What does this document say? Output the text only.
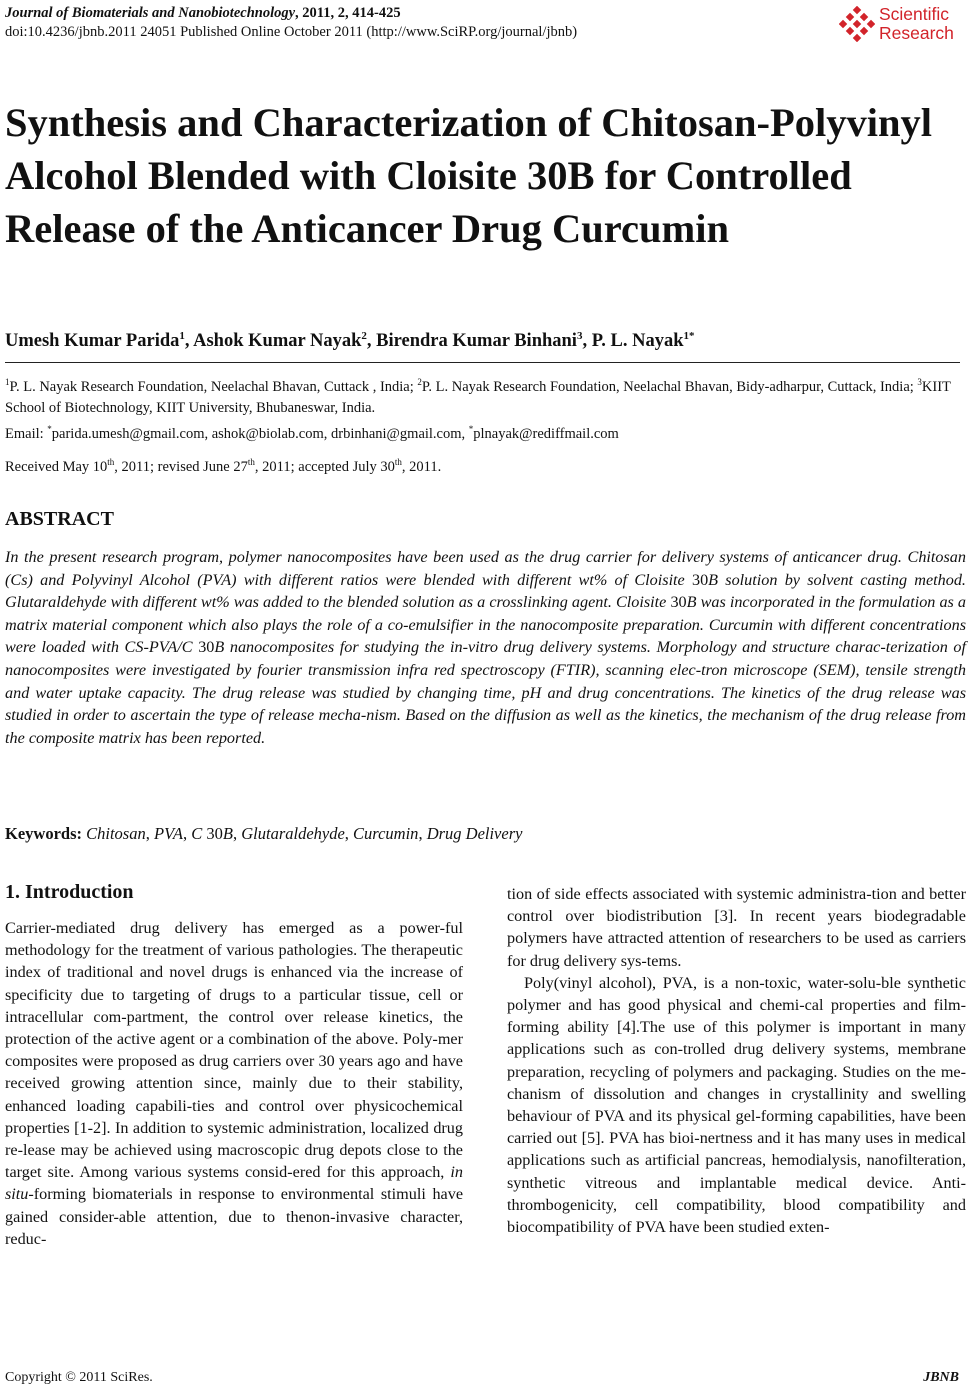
Journal of Biomaterials and Nanobiotechnology, 2011, 2, 414-425
doi:10.4236/jbnb.2011 24051 Published Online October 2011 (http://www.SciRP.org/journal/jbnb)
Scientific
Research
Synthesis and Characterization of Chitosan-Polyvinyl Alcohol Blended with Cloisite 30B for Controlled Release of the Anticancer Drug Curcumin
Umesh Kumar Parida$^1$, Ashok Kumar Nayak$^2$, Birendra Kumar Binhani$^3$, P. L. Nayak$^{1*}$
$^1$P. L. Nayak Research Foundation, Neelachal Bhavan, Cuttack , India; $^2$P. L. Nayak Research Foundation, Neelachal Bhavan, Bidy-adharpur, Cuttack, India; $^3$KIIT School of Biotechnology, KIIT University, Bhubaneswar, India.
Email: *parida.umesh@gmail.com, ashok@biolab.com, drbinhani@gmail.com, *plnayak@rediffmail.com
Received May 10th, 2011; revised June 27th, 2011; accepted July 30th, 2011.
ABSTRACT

In the present research program, polymer nanocomposites have been used as the drug carrier for delivery systems of anticancer drug. Chitosan (Cs) and Polyvinyl Alcohol (PVA) with different ratios were blended with different wt% of Cloisite 30B solution by solvent casting method. Glutaraldehyde with different wt% was added to the blended solution as a crosslinking agent. Cloisite 30B was incorporated in the formulation as a matrix material component which also plays the role of a co-emulsifier in the nanocomposite preparation. Curcumin with different concentrations were loaded with CS-PVA/C 30B nanocomposites for studying the in-vitro drug delivery systems. Morphology and structure charac-terization of nanocomposites were investigated by fourier transmission infra red spectroscopy (FTIR), scanning elec-tron microscope (SEM), tensile strength and water uptake capacity. The drug release was studied by changing time, pH and drug concentrations. The kinetics of the drug release was studied in order to ascertain the type of release mecha-nism. Based on the diffusion as well as the kinetics, the mechanism of the drug release from the composite matrix has been reported.

Keywords: Chitosan, PVA, C 30B, Glutaraldehyde, Curcumin, Drug Delivery
1. Introduction

Carrier-mediated drug delivery has emerged as a power-ful methodology for the treatment of various pathologies. The therapeutic index of traditional and novel drugs is enhanced via the increase of specificity due to targeting of drugs to a particular tissue, cell or intracellular com-partment, the control over release kinetics, the protection of the active agent or a combination of the above. Poly-mer composites were proposed as drug carriers over 30 years ago and have received growing attention since, mainly due to their stability, enhanced loading capabili-ties and control over physicochemical properties [1-2]. In addition to systemic administration, localized drug re-lease may be achieved using macroscopic drug depots close to the target site. Among various systems consid-ered for this approach, in situ-forming biomaterials in response to environmental stimuli have gained consider-able attention, due to thenon-invasive character, reduc-

tion of side effects associated with systemic administra-tion and better control over biodistribution [3]. In recent years biodegradable polymers have attracted attention of researchers to be used as carriers for drug delivery sys-tems.
Poly(vinyl alcohol), PVA, is a non-toxic, water-solu-ble synthetic polymer and has good physical and chemi-cal properties and film-forming ability [4].The use of this polymer is important in many applications such as con-trolled drug delivery systems, membrane preparation, recycling of polymers and packaging. Studies on the me-chanism of dissolution and changes in crystallinity and swelling behaviour of PVA and its physical gel-forming capabilities, have been carried out [5]. PVA has bioi-nertness and it has many uses in medical applications such as artificial pancreas, hemodialysis, nanofilteration, synthetic vitreous and implantable medical device. Anti-thrombogenicity, cell compatibility, blood compatibility and biocompatibility of PVA have been studied exten-
Copyright © 2011 SciRes.	JBNB
